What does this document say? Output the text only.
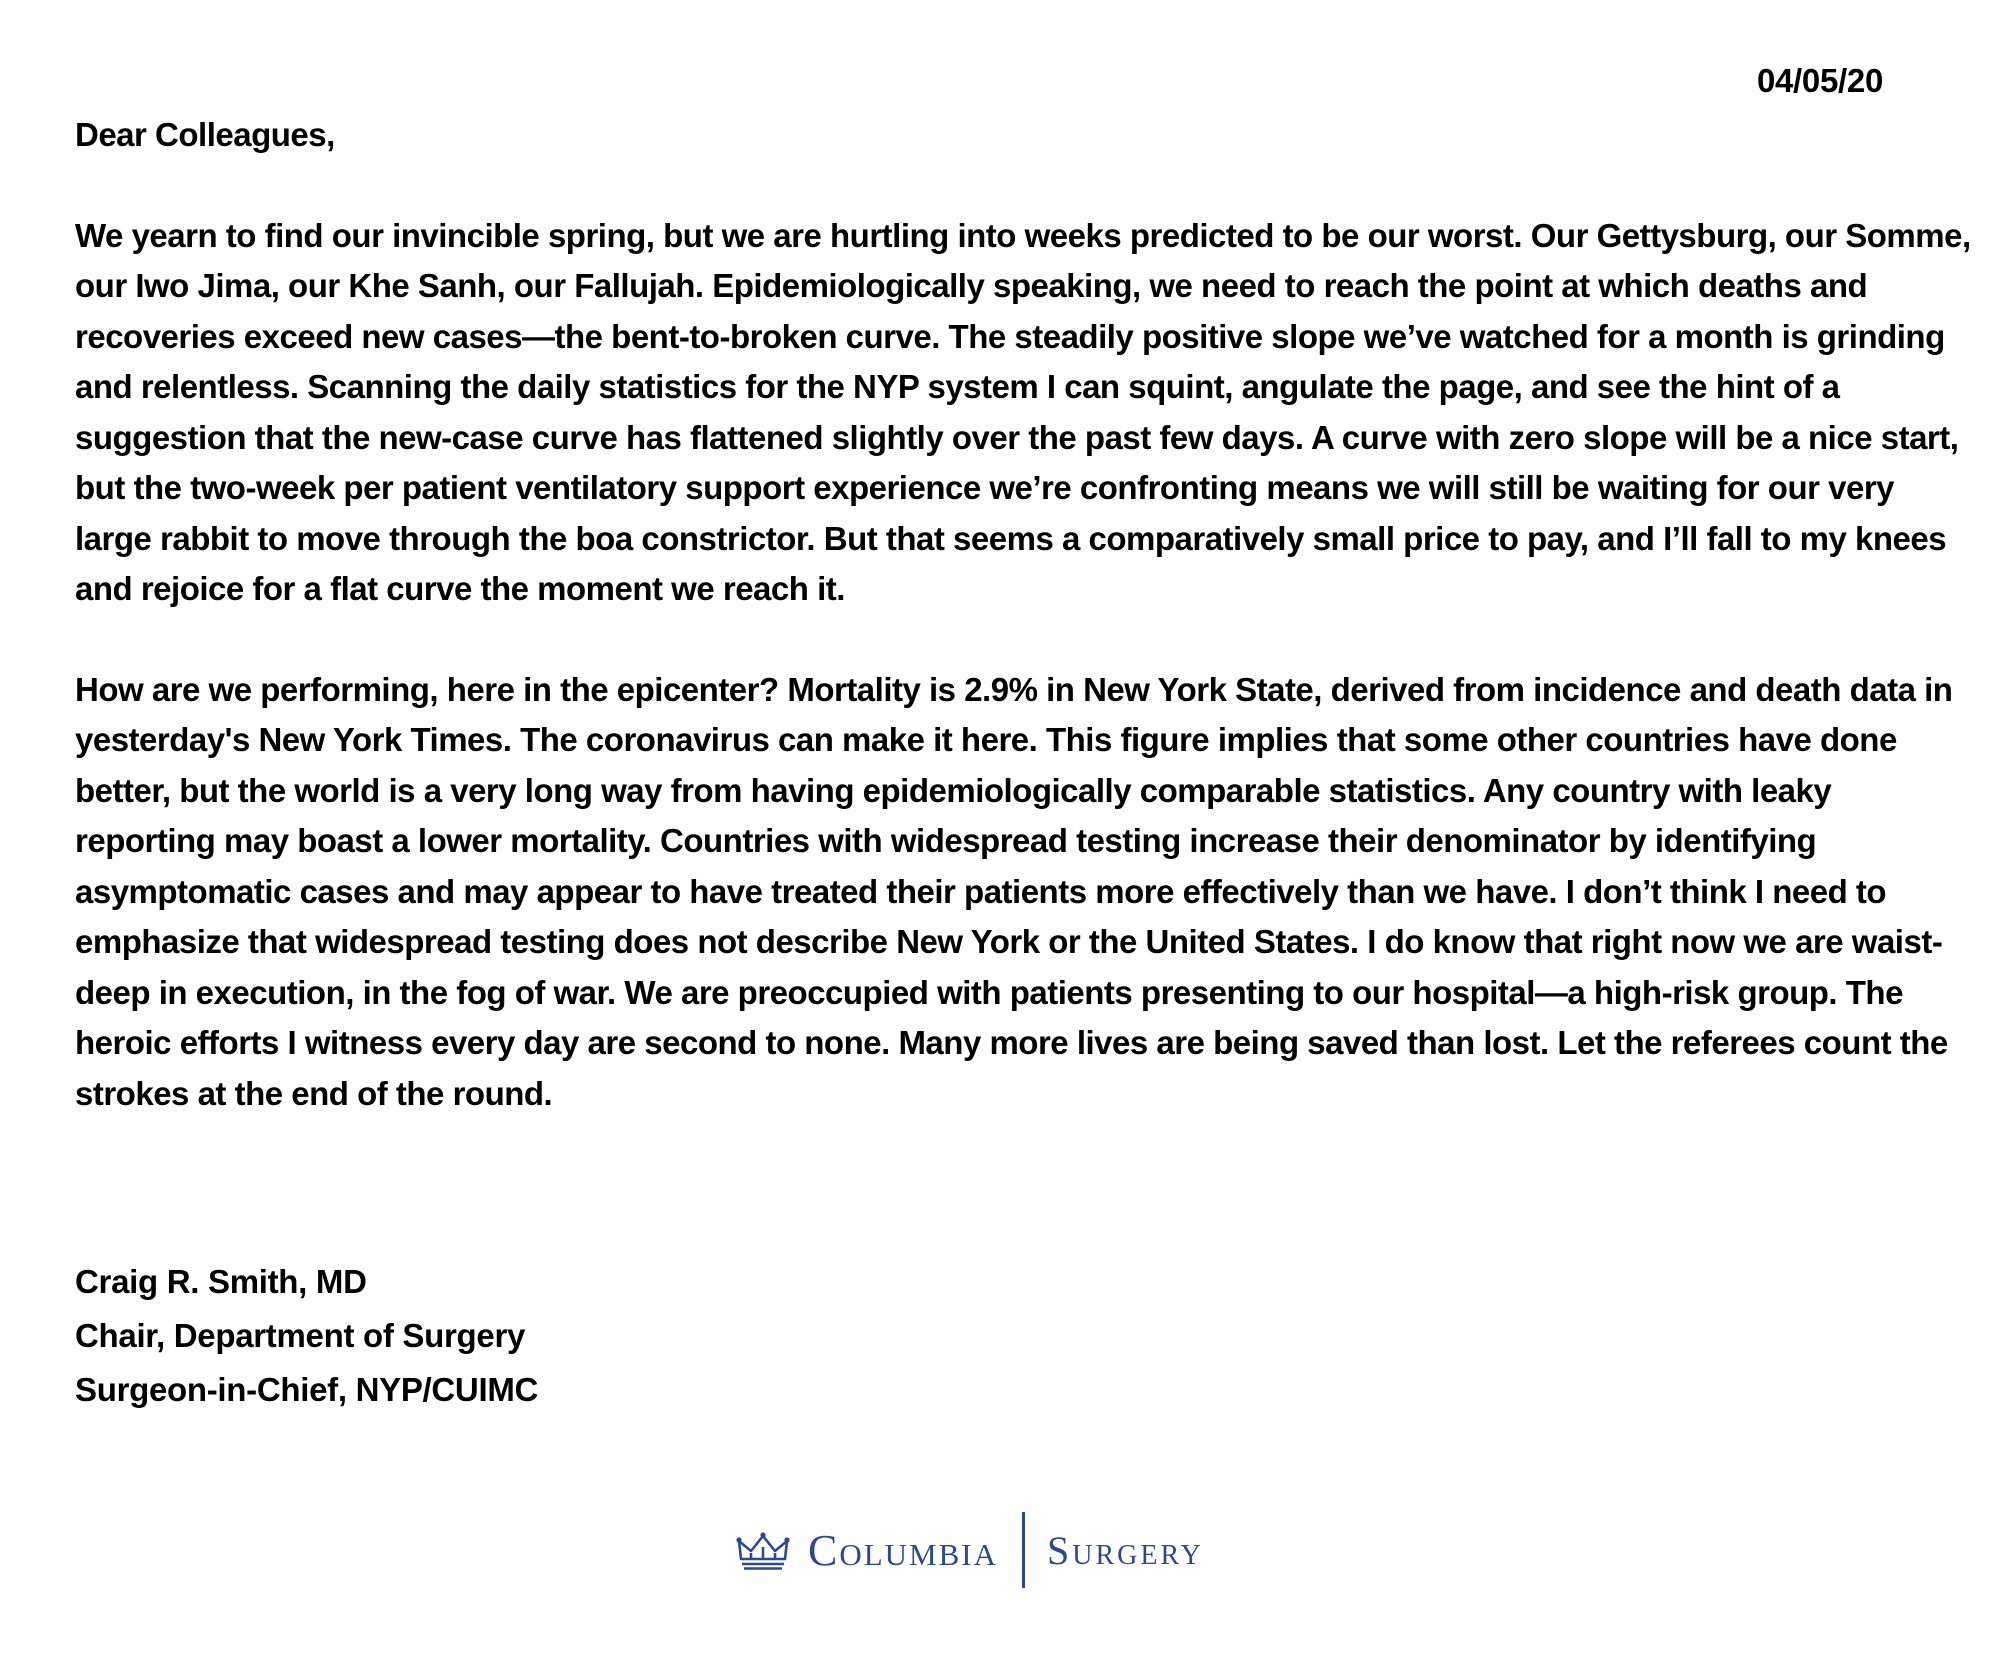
04/05/20

Dear Colleagues,

We yearn to find our invincible spring, but we are hurtling into weeks predicted to be our worst. Our Gettysburg, our Somme, our Iwo Jima, our Khe Sanh, our Fallujah. Epidemiologically speaking, we need to reach the point at which deaths and recoveries exceed new cases—the bent-to-broken curve. The steadily positive slope we’ve watched for a month is grinding and relentless. Scanning the daily statistics for the NYP system I can squint, angulate the page, and see the hint of a suggestion that the new-case curve has flattened slightly over the past few days. A curve with zero slope will be a nice start, but the two-week per patient ventilatory support experience we’re confronting means we will still be waiting for our very large rabbit to move through the boa constrictor. But that seems a comparatively small price to pay, and I’ll fall to my knees and rejoice for a flat curve the moment we reach it.

How are we performing, here in the epicenter? Mortality is 2.9% in New York State, derived from incidence and death data in yesterday's New York Times. The coronavirus can make it here. This figure implies that some other countries have done better, but the world is a very long way from having epidemiologically comparable statistics. Any country with leaky reporting may boast a lower mortality. Countries with widespread testing increase their denominator by identifying asymptomatic cases and may appear to have treated their patients more effectively than we have. I don’t think I need to emphasize that widespread testing does not describe New York or the United States. I do know that right now we are waist-deep in execution, in the fog of war. We are preoccupied with patients presenting to our hospital—a high-risk group. The heroic efforts I witness every day are second to none. Many more lives are being saved than lost. Let the referees count the strokes at the end of the round.

Craig R. Smith, MD
Chair, Department of Surgery
Surgeon-in-Chief, NYP/CUIMC
Columbia Surgery
